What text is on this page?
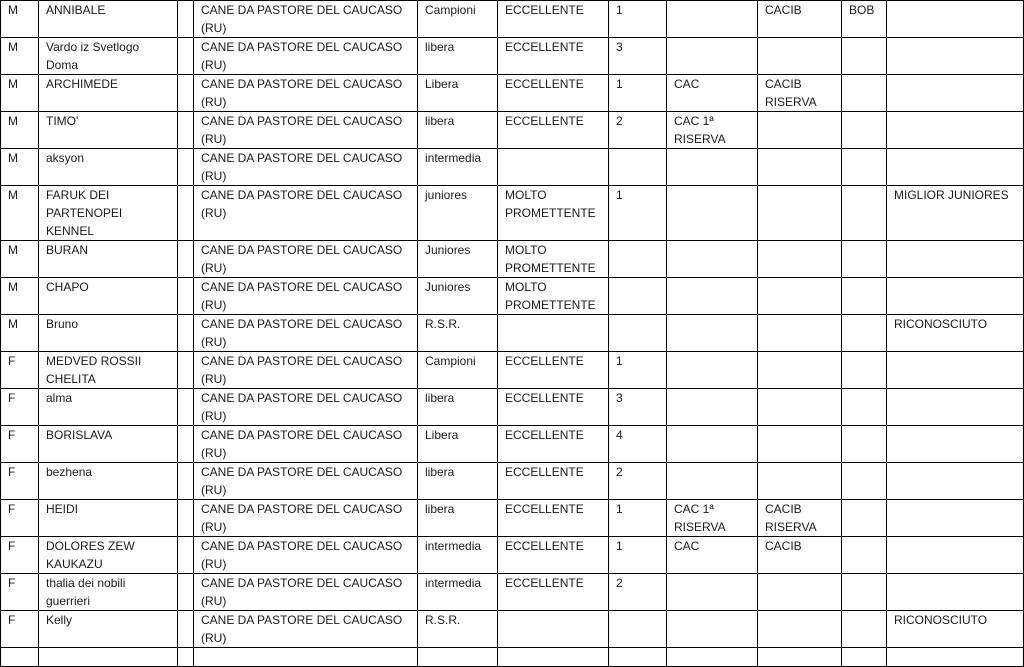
M	ANNIBALE		CANE DA PASTORE DEL CAUCASO (RU)	Campioni	ECCELLENTE	1		CACIB	BOB	
M	Vardo iz Svetlogo Doma		CANE DA PASTORE DEL CAUCASO (RU)	libera	ECCELLENTE	3				
M	ARCHIMEDE		CANE DA PASTORE DEL CAUCASO (RU)	Libera	ECCELLENTE	1	CAC	CACIB RISERVA		
M	TIMO'		CANE DA PASTORE DEL CAUCASO (RU)	libera	ECCELLENTE	2	CAC 1ª RISERVA			
M	aksyon		CANE DA PASTORE DEL CAUCASO (RU)	intermedia						
M	FARUK DEI PARTENOPEI KENNEL		CANE DA PASTORE DEL CAUCASO (RU)	juniores	MOLTO PROMETTENTE	1				MIGLIOR JUNIORES
M	BURAN		CANE DA PASTORE DEL CAUCASO (RU)	Juniores	MOLTO PROMETTENTE					
M	CHAPO		CANE DA PASTORE DEL CAUCASO (RU)	Juniores	MOLTO PROMETTENTE					
M	Bruno		CANE DA PASTORE DEL CAUCASO (RU)	R.S.R.						RICONOSCIUTO
F	MEDVED ROSSII CHELITA		CANE DA PASTORE DEL CAUCASO (RU)	Campioni	ECCELLENTE	1				
F	alma		CANE DA PASTORE DEL CAUCASO (RU)	libera	ECCELLENTE	3				
F	BORISLAVA		CANE DA PASTORE DEL CAUCASO (RU)	Libera	ECCELLENTE	4				
F	bezhena		CANE DA PASTORE DEL CAUCASO (RU)	libera	ECCELLENTE	2				
F	HEIDI		CANE DA PASTORE DEL CAUCASO (RU)	libera	ECCELLENTE	1	CAC 1ª RISERVA	CACIB RISERVA		
F	DOLORES ZEW KAUKAZU		CANE DA PASTORE DEL CAUCASO (RU)	intermedia	ECCELLENTE	1	CAC	CACIB		
F	thalia dei nobili guerrieri		CANE DA PASTORE DEL CAUCASO (RU)	intermedia	ECCELLENTE	2				
F	Kelly		CANE DA PASTORE DEL CAUCASO (RU)	R.S.R.						RICONOSCIUTO
